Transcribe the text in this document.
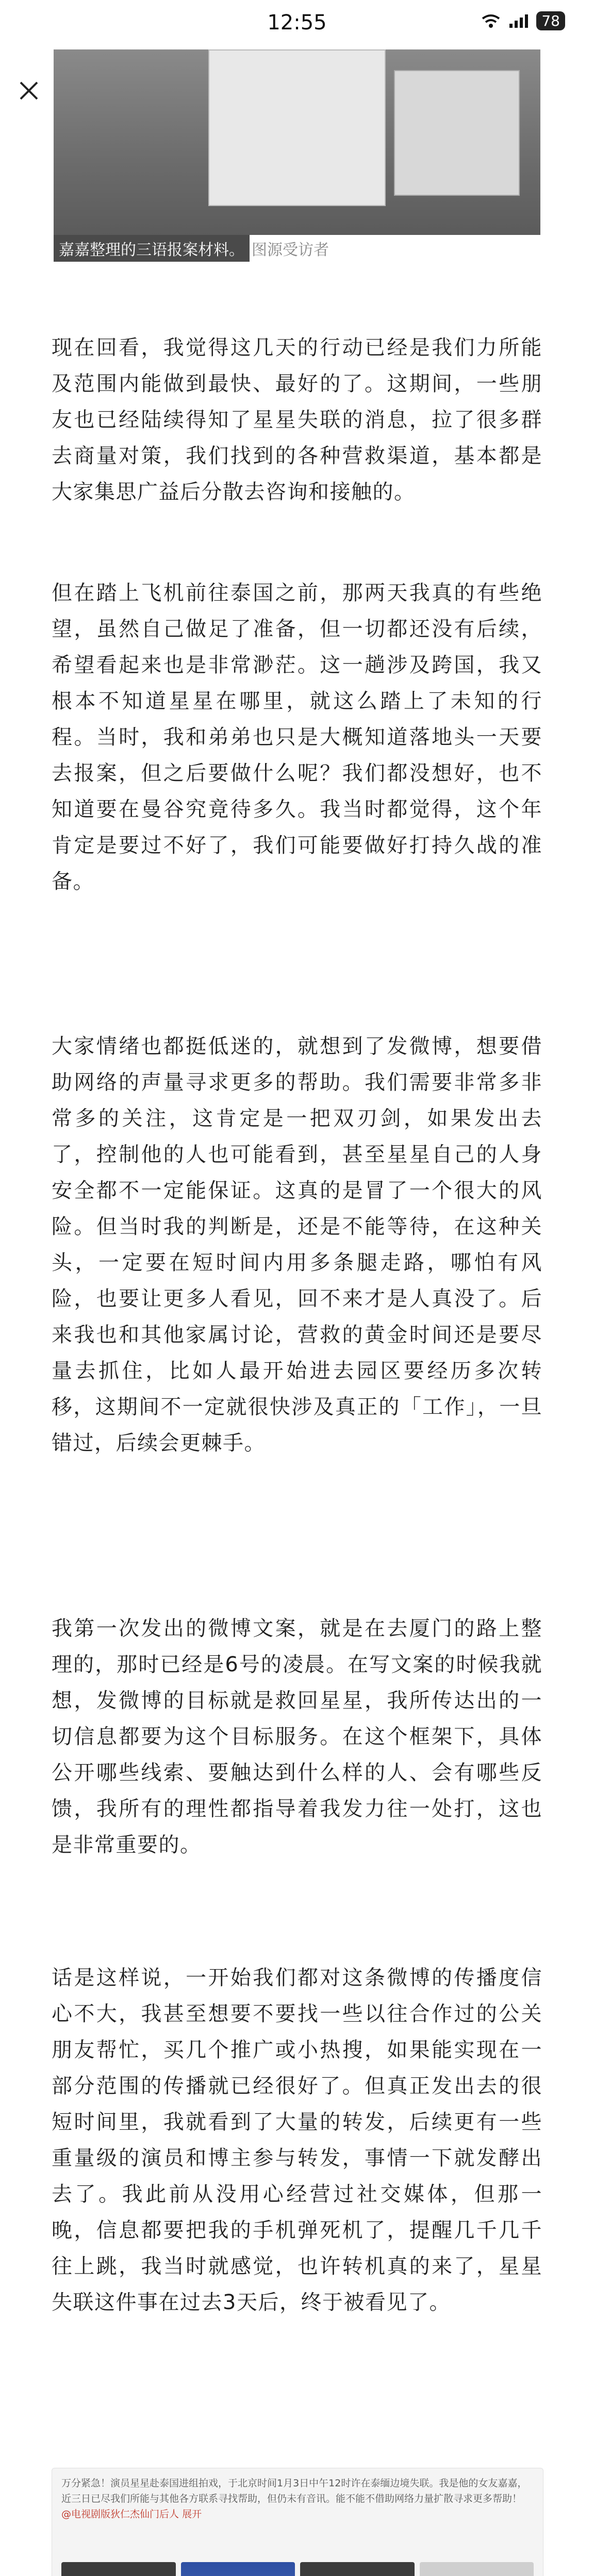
12:55	78
嘉嘉整理的三语报案材料。 图源受访者

现在回看，我觉得这几天的行动已经是我们力所能及范围内能做到最快、最好的了。这期间，一些朋友也已经陆续得知了星星失联的消息，拉了很多群去商量对策，我们找到的各种营救渠道，基本都是大家集思广益后分散去咨询和接触的。

但在踏上飞机前往泰国之前，那两天我真的有些绝望，虽然自己做足了准备，但一切都还没有后续，希望看起来也是非常渺茫。这一趟涉及跨国，我又根本不知道星星在哪里，就这么踏上了未知的行程。当时，我和弟弟也只是大概知道落地头一天要去报案，但之后要做什么呢？我们都没想好，也不知道要在曼谷究竟待多久。我当时都觉得，这个年肯定是要过不好了，我们可能要做好打持久战的准备。

大家情绪也都挺低迷的，就想到了发微博，想要借助网络的声量寻求更多的帮助。我们需要非常多非常多的关注，这肯定是一把双刃剑，如果发出去了，控制他的人也可能看到，甚至星星自己的人身安全都不一定能保证。这真的是冒了一个很大的风险。但当时我的判断是，还是不能等待，在这种关头，一定要在短时间内用多条腿走路，哪怕有风险，也要让更多人看见，回不来才是人真没了。后来我也和其他家属讨论，营救的黄金时间还是要尽量去抓住，比如人最开始进去园区要经历多次转移，这期间不一定就很快涉及真正的「工作」，一旦错过，后续会更棘手。

我第一次发出的微博文案，就是在去厦门的路上整理的，那时已经是6号的凌晨。在写文案的时候我就想，发微博的目标就是救回星星，我所传达出的一切信息都要为这个目标服务。在这个框架下，具体公开哪些线索、要触达到什么样的人、会有哪些反馈，我所有的理性都指导着我发力往一处打，这也是非常重要的。

话是这样说，一开始我们都对这条微博的传播度信心不大，我甚至想要不要找一些以往合作过的公关朋友帮忙，买几个推广或小热搜，如果能实现在一部分范围的传播就已经很好了。但真正发出去的很短时间里，我就看到了大量的转发，后续更有一些重量级的演员和博主参与转发，事情一下就发酵出去了。我此前从没用心经营过社交媒体，但那一晚，信息都要把我的手机弹死机了，提醒几千几千往上跳，我当时就感觉，也许转机真的来了，星星失联这件事在过去3天后，终于被看见了。

万分紧急！演员星星赴泰国进组拍戏，于北京时间1月3日中午12时许在泰缅边境失联。我是他的女友嘉嘉，近三日已尽我们所能与其他各方联系寻找帮助，但仍未有音讯。能不能不借助网络力量扩散寻求更多帮助！ @电视剧版狄仁杰仙门后人 展开
